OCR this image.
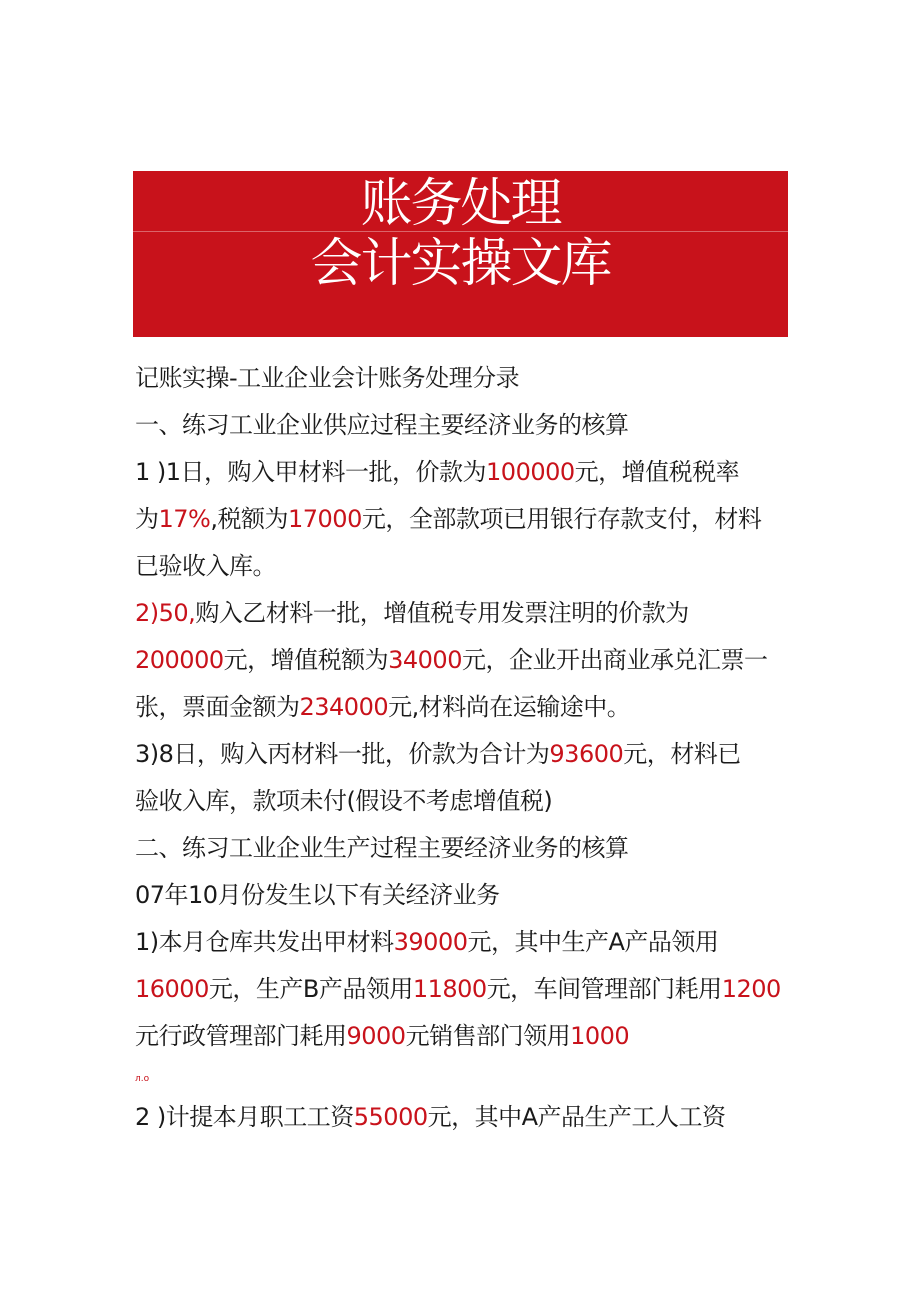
账务处理
会计实操文库
记账实操-工业企业会计账务处理分录
一、练习工业企业供应过程主要经济业务的核算
1 )1日，购入甲材料一批，价款为100000元，增值税税率
为17%,税额为17000元，全部款项已用银行存款支付，材料
已验收入库。
2)50,购入乙材料一批，增值税专用发票注明的价款为
200000元，增值税额为34000元，企业开出商业承兑汇票一
张，票面金额为234000元,材料尚在运输途中。
3)8日，购入丙材料一批，价款为合计为93600元，材料已
验收入库，款项未付(假设不考虑增值税)
二、练习工业企业生产过程主要经济业务的核算
07年10月份发生以下有关经济业务
1)本月仓库共发出甲材料39000元，其中生产A产品领用
16000元，生产B产品领用11800元，车间管理部门耗用1200
元行政管理部门耗用9000元销售部门领用1000
л.о
2 )计提本月职工工资55000元，其中A产品生产工人工资
